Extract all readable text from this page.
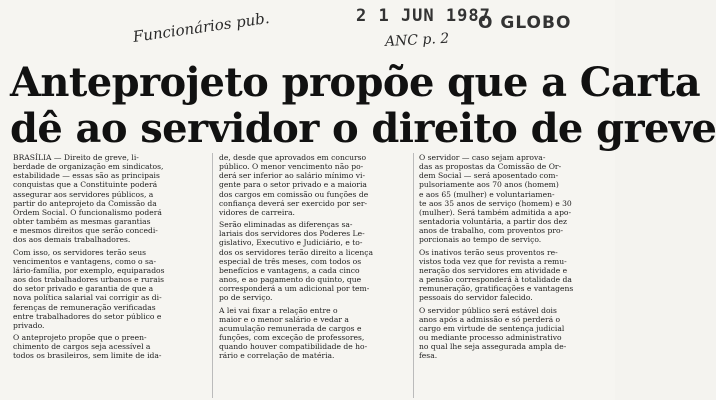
2 1 JUN 1987
O GLOBO
Funcionários pub.	ANC p. 2
Anteprojeto propõe que a Carta
dê ao servidor o direito de greve
BRASÍLIA — Direito de greve, li-
berdade de organização em sindicatos,
estabilidade — essas são as principais
conquistas que a Constituinte poderá
assegurar aos servidores públicos, a
partir do anteprojeto da Comissão da
Ordem Social. O funcionalismo poderá
obter também as mesmas garantias
e mesmos direitos que serão concedi-
dos aos demais trabalhadores.
Com isso, os servidores terão seus
vencimentos e vantagens, como o sa-
lário-família, por exemplo, equiparados
aos dos trabalhadores urbanos e rurais
do setor privado e garantia de que a
nova política salarial vai corrigir as di-
ferenças de remuneração verificadas
entre trabalhadores do setor público e
privado.
O anteprojeto propõe que o preen-
chimento de cargos seja acessível a
todos os brasileiros, sem limite de ida-
de, desde que aprovados em concurso
público. O menor vencimento não po-
derá ser inferior ao salário mínimo vi-
gente para o setor privado e a maioria
dos cargos em comissão ou funções de
confiança deverá ser exercido por ser-
vidores de carreira.
Serão eliminadas as diferenças sa-
lariais dos servidores dos Poderes Le-
gislativo, Executivo e Judiciário, e to-
dos os servidores terão direito a licença
especial de três meses, com todos os
benefícios e vantagens, a cada cinco
anos, e ao pagamento do quinto, que
corresponderá a um adicional por tem-
po de serviço.
A lei vai fixar a relação entre o
maior e o menor salário e vedar a
acumulação remunerada de cargos e
funções, com exceção de professores,
quando houver compatibilidade de ho-
rário e correlação de matéria.
O servidor — caso sejam aprova-
das as propostas da Comissão de Or-
dem Social — será aposentado com-
pulsoriamente aos 70 anos (homem)
e aos 65 (mulher) e voluntariamen-
te aos 35 anos de serviço (homem) e 30
(mulher). Será também admitida a apo-
sentadoria voluntária, a partir dos dez
anos de trabalho, com proventos pro-
porcionais ao tempo de serviço.
Os inativos terão seus proventos re-
vistos toda vez que for revista a remu-
neração dos servidores em atividade e
a pensão corresponderá à totalidade da
remuneração, gratificações e vantagens
pessoais do servidor falecido.
O servidor público será estável dois
anos após a admissão e só perderá o
cargo em virtude de sentença judicial
ou mediante processo administrativo
no qual lhe seja assegurada ampla de-
fesa.
